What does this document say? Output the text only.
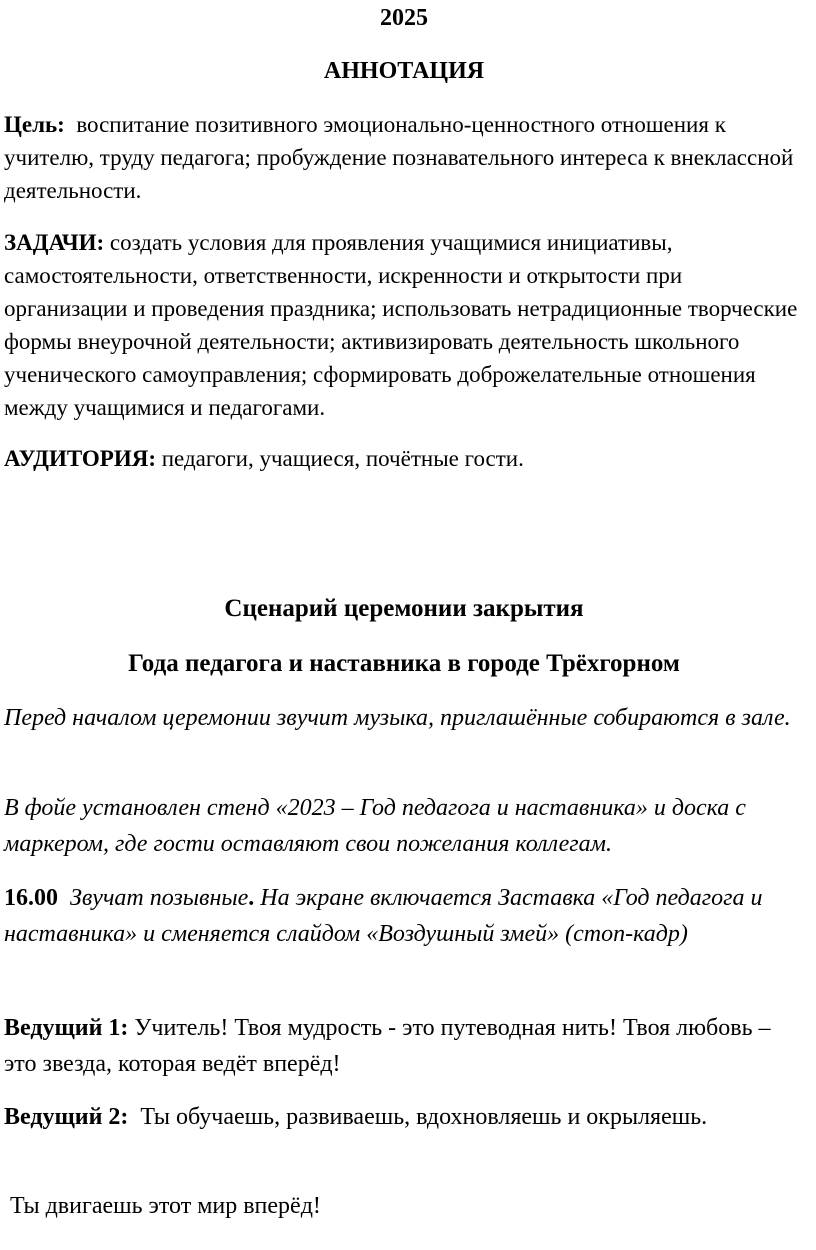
2025
АННОТАЦИЯ

Цель: воспитание позитивного эмоционально-ценностного отношения к учителю, труду педагога; пробуждение познавательного интереса к внеклассной деятельности.

ЗАДАЧИ: создать условия для проявления учащимися инициативы, самостоятельности, ответственности, искренности и открытости при организации и проведения праздника; использовать нетрадиционные творческие формы внеурочной деятельности; активизировать деятельность школьного ученического самоуправления; сформировать доброжелательные отношения между учащимися и педагогами.

АУДИТОРИЯ: педагоги, учащиеся, почётные гости.

Сценарий церемонии закрытия
Года педагога и наставника в городе Трёхгорном

Перед началом церемонии звучит музыка, приглашённые собираются в зале.

В фойе установлен стенд «2023 – Год педагога и наставника» и доска с маркером, где гости оставляют свои пожелания коллегам.

16.00 Звучат позывные. На экране включается Заставка «Год педагога и наставника» и сменяется слайдом «Воздушный змей» (стоп-кадр)

Ведущий 1: Учитель! Твоя мудрость - это путеводная нить! Твоя любовь – это звезда, которая ведёт вперёд!

Ведущий 2: Ты обучаешь, развиваешь, вдохновляешь и окрыляешь.

Ты двигаешь этот мир вперёд!
